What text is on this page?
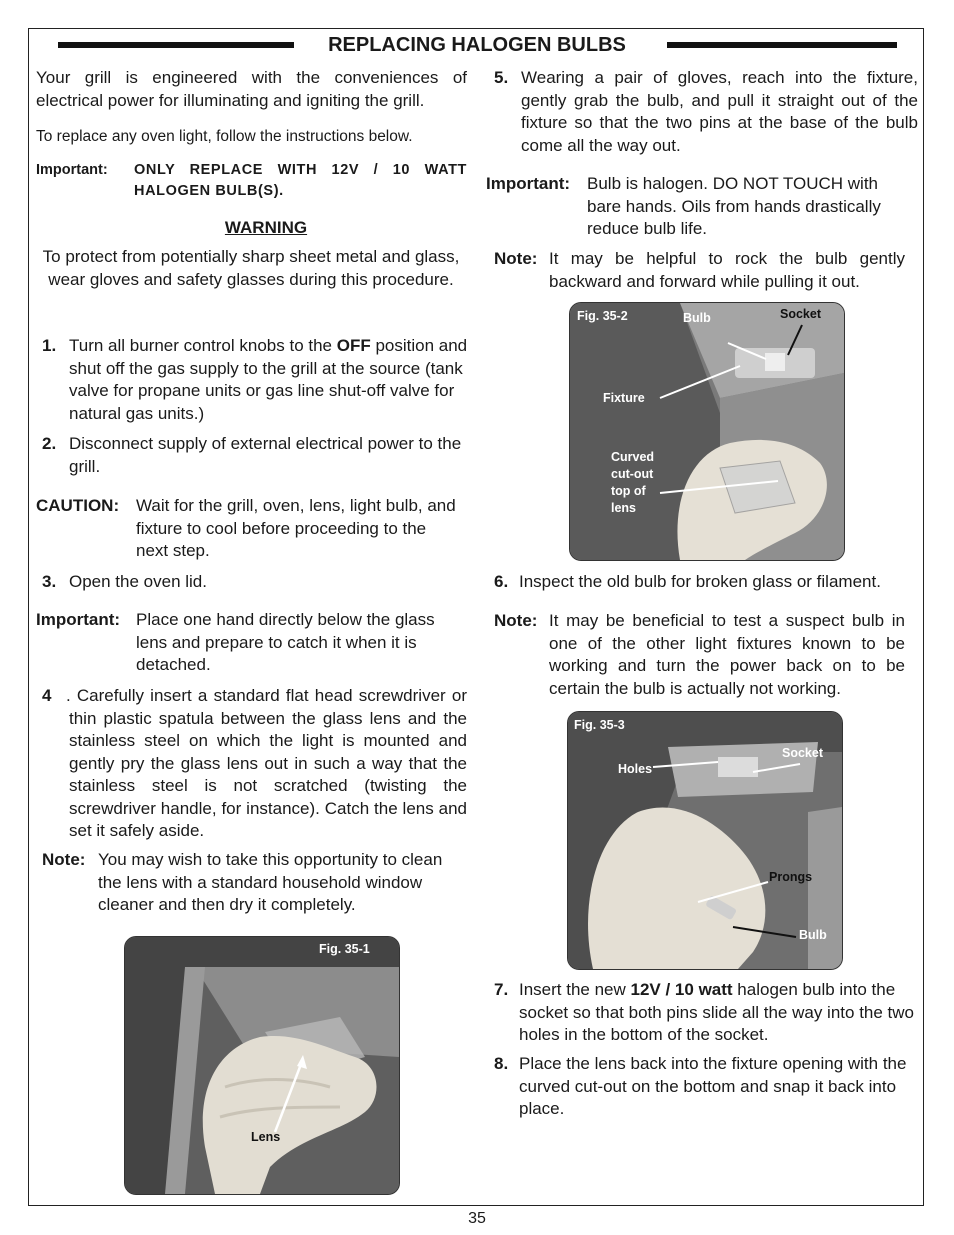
REPLACING HALOGEN BULBS
Your grill is engineered with the conveniences of electrical power for illuminating and igniting the grill.
To replace any oven light, follow the instructions below.
Important: ONLY REPLACE WITH 12V / 10 WATT HALOGEN BULB(S).
WARNING
To protect from potentially sharp sheet metal and glass, wear gloves and safety glasses during this procedure.
1. Turn all burner control knobs to the OFF position and shut off the gas supply to the grill at the source (tank valve for propane units or gas line shut-off valve for natural gas units.)
2. Disconnect supply of external electrical power to the grill.
CAUTION: Wait for the grill, oven, lens, light bulb, and fixture to cool before proceeding to the next step.
3. Open the oven lid.
Important: Place one hand directly below the glass lens and prepare to catch it when it is detached.
4 . Carefully insert a standard flat head screwdriver or thin plastic spatula between the glass lens and the stainless steel on which the light is mounted and gently pry the glass lens out in such a way that the stainless steel is not scratched (twisting the screwdriver handle, for instance). Catch the lens and set it safely aside.
Note: You may wish to take this opportunity to clean the lens with a standard household window cleaner and then dry it completely.
Fig. 35-1
Lens
5. Wearing a pair of gloves, reach into the fixture, gently grab the bulb, and pull it straight out of the fixture so that the two pins at the base of the bulb come all the way out.
Important: Bulb is halogen. DO NOT TOUCH with bare hands. Oils from hands drastically reduce bulb life.
Note: It may be helpful to rock the bulb gently backward and forward while pulling it out.
Fig. 35-2	Bulb	Socket
Fixture
Curved cut-out top of lens
6. Inspect the old bulb for broken glass or filament.
Note: It may be beneficial to test a suspect bulb in one of the other light fixtures known to be working and turn the power back on to be certain the bulb is actually not working.
Fig. 35-3
Socket
Holes
Prongs
Bulb
7. Insert the new 12V / 10 watt halogen bulb into the socket so that both pins slide all the way into the two holes in the bottom of the socket.
8. Place the lens back into the fixture opening with the curved cut-out on the bottom and snap it back into place.
35
